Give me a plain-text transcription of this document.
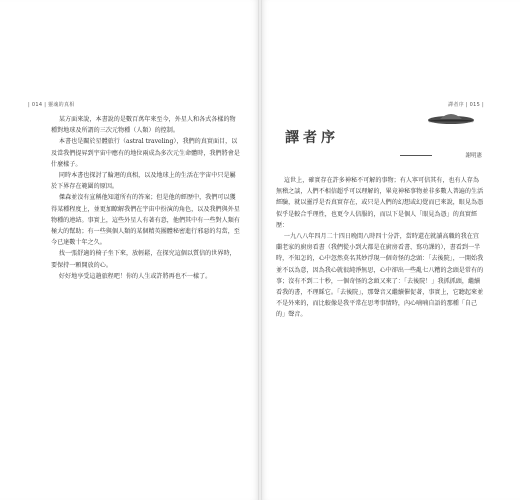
| 014 | 靈魂的真相	譯者序 | 015 |

某方面來說，本書說的是數百萬年來至今，外星人和各式各樣的物種對地球及所謂的三次元物種（人類）的控制。

本書也是關於星體旅行（astral traveling），我們的真實面目，以及當我們提昇到宇宙中應有的地位兩成為多次元生命體時，我們將會是什麼樣子。

同時本書也探討了輪迴的真相，以及地球上的生活在宇宙中只是屬於下界存在範圍的原因。

傑森並沒有宣稱他知道所有的答案；但是他的經歷中，我們可以獲得某種程度上，並更加瞭解我們在宇宙中扮演的角色，以及我們與外星物種的連結。事實上，這些外星人有著有意，他們其中有一些對人類有極大的幫助；有一些與個人類的某個精英團體秘密進行邪惡的勾當，至今已達數十年之久。

找一張舒適的椅子坐下來，放輕鬆，在探究這個以質信的世界時，要保持一顆開放的心。

好好地享受這趟旅程吧！你的人生或許將再也不一樣了。

譯者序
謝明憲

這世上，確實存在許多神秘不可解的事物；有人寧可信其有，也有人存為無稽之談，人們不相信超乎可以理解的，畢竟神秘事物並非多數人普遍的生活經驗，就以靈浮是否真實存在，或只是人們的幻想或幻覺而已來說，眼見為憑似乎是較合乎理性，也更令人信服的，而以下是個人「眼見為憑」的真實經歷：

一九八八年四月二十四日晚間八時四十分許，當時還在就讀高職的我在宜蘭老家的廚房看書（我們從小到大都是在廚房看書、寫功課的），書看到一半時，不知怎的，心中忽然莫名其妙浮現一個奇怪的念頭：「去後院」，一開始我並不以為意，因為我心就很純淨無思，心中卻出一些亂七八糟的念頭是常有的事；沒有不到二十秒，一個奇怪的念頭又來了：「去後院！」我抓抓頭，繼續看我的書，不理睬它。「去後院」，那聲音又繼續催促著，事實上，它聽起來並不是外來的，而比較像是我平常在思考事情時，內心喃喃自語的那種「自己的」聲音。
